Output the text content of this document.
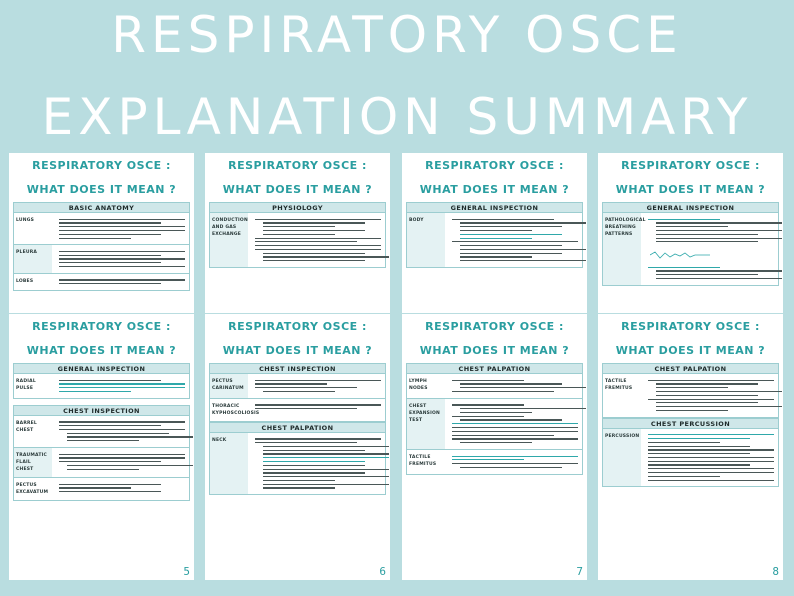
RESPIRATORY OSCE
EXPLANATION SUMMARY
RESPIRATORY OSCE :
WHAT DOES IT MEAN ?
BASIC ANATOMY
LUNGS
PLEURA
LOBES
RESPIRATORY OSCE :
WHAT DOES IT MEAN ?
PHYSIOLOGY
CONDUCTION AND GAS EXCHANGE
RESPIRATORY OSCE :
WHAT DOES IT MEAN ?
GENERAL INSPECTION
BODY
RESPIRATORY OSCE :
WHAT DOES IT MEAN ?
GENERAL INSPECTION
PATHOLOGICAL BREATHING PATTERNS
RESPIRATORY OSCE :
WHAT DOES IT MEAN ?
GENERAL INSPECTION
RADIAL PULSE
CHEST INSPECTION
BARREL CHEST
TRAUMATIC FLAIL CHEST
PECTUS EXCAVATUM
5
RESPIRATORY OSCE :
WHAT DOES IT MEAN ?
CHEST INSPECTION
PECTUS CARINATUM
THORACIC KYPHOSCOLIOSIS
CHEST PALPATION
NECK
6
RESPIRATORY OSCE :
WHAT DOES IT MEAN ?
CHEST PALPATION
LYMPH NODES
CHEST EXPANSION TEST
TACTILE FREMITUS
7
RESPIRATORY OSCE :
WHAT DOES IT MEAN ?
CHEST PALPATION
TACTILE FREMITUS
CHEST PERCUSSION
PERCUSSION
8
